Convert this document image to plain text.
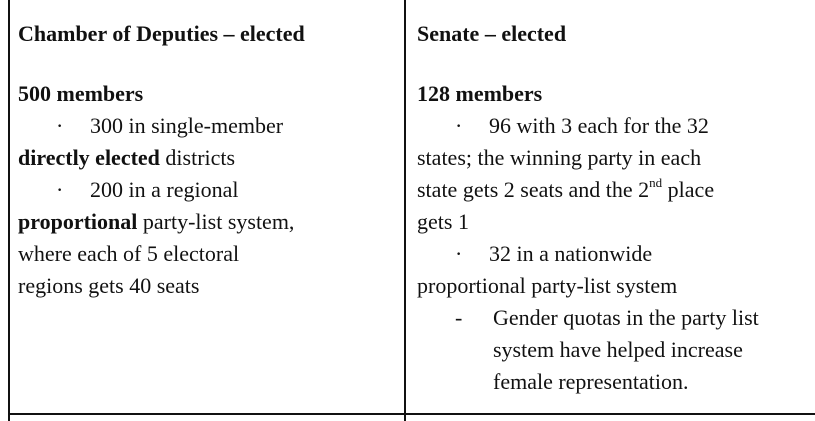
Chamber of Deputies – elected
500 members
· 300 in single-member
directly elected districts
· 200 in a regional
proportional party-list system,
where each of 5 electoral
regions gets 40 seats
Senate – elected
128 members
· 96 with 3 each for the 32
states; the winning party in each
state gets 2 seats and the 2nd place
gets 1
· 32 in a nationwide
proportional party-list system
- Gender quotas in the party list
system have helped increase
female representation.
